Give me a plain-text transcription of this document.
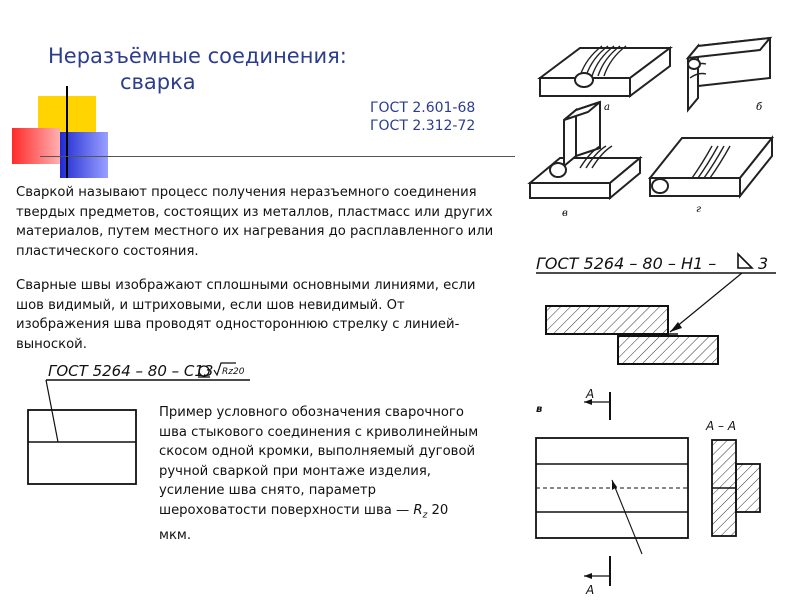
Неразъёмные соединения:
сварка
ГОСТ 2.601-68
ГОСТ 2.312-72
Сваркой называют процесс получения неразъемного соединения
твердых предметов, состоящих из металлов, пластмасс или других
материалов, путем местного их нагревания до расплавленного или
пластического состояния.
Сварные швы изображают сплошными основными линиями, если
шов видимый, и штриховыми, если шов невидимый. От
изображения шва проводят одностороннюю стрелку с линией-
выноской.
Пример условного обозначения сварочного
шва стыкового соединения с криволинейным
скосом одной кромки, выполняемый дуговой
ручной сваркой при монтаже изделия,
усиление шва снято, параметр
шероховатости поверхности шва — $R_z$ 20
мкм.
а	б
в	г
ГОСТ 5264 – 80 – Н1 –	3
ГОСТ 5264 – 80 – С13 Rz20
в
А
А
А – А
